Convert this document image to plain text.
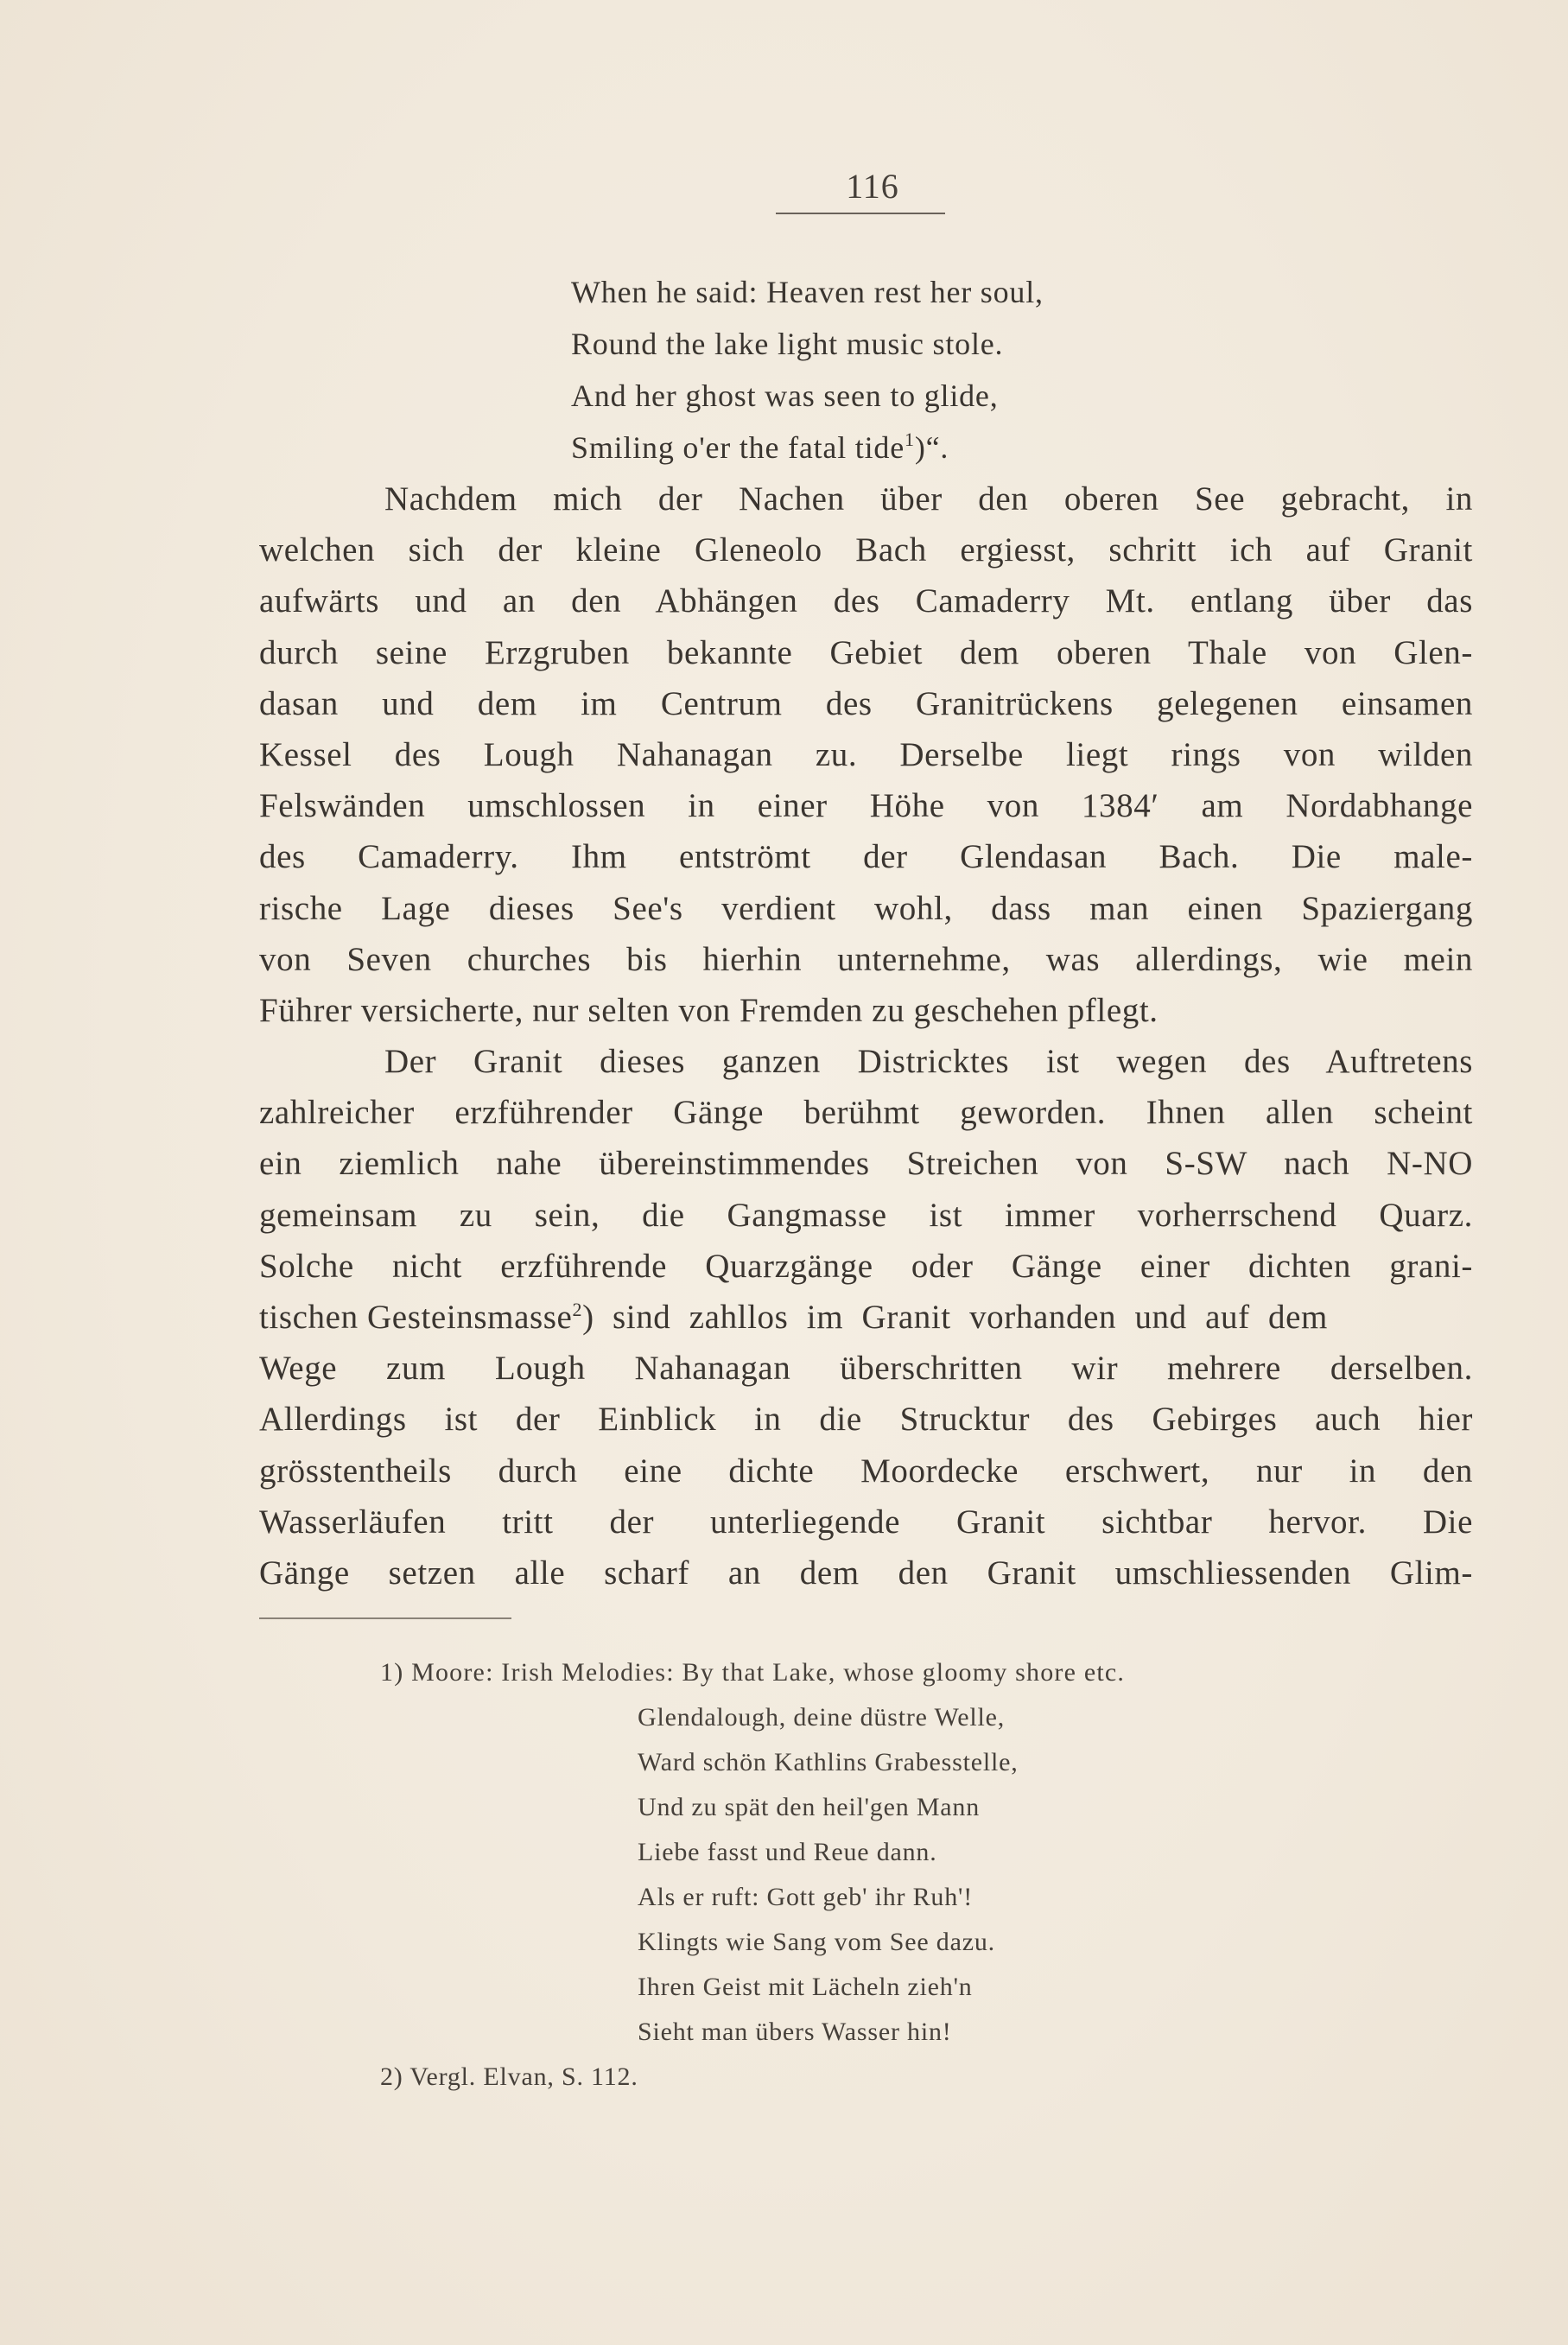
116
When he said: Heaven rest her soul,
Round the lake light music stole.
And her ghost was seen to glide,
Smiling o'er the fatal tide$^1$)“.
Nachdem mich der Nachen über den oberen See gebracht, in
welchen sich der kleine Gleneolo Bach ergiesst, schritt ich auf Granit
aufwärts und an den Abhängen des Camaderry Mt. entlang über das
durch seine Erzgruben bekannte Gebiet dem oberen Thale von Glen-
dasan und dem im Centrum des Granitrückens gelegenen einsamen
Kessel des Lough Nahanagan zu. Derselbe liegt rings von wilden
Felswänden umschlossen in einer Höhe von 1384′ am Nordabhange
des Camaderry. Ihm entströmt der Glendasan Bach. Die male-
rische Lage dieses See's verdient wohl, dass man einen Spaziergang
von Seven churches bis hierhin unternehme, was allerdings, wie mein
Führer versicherte, nur selten von Fremden zu geschehen pflegt.
Der Granit dieses ganzen Districktes ist wegen des Auftretens
zahlreicher erzführender Gänge berühmt geworden. Ihnen allen scheint
ein ziemlich nahe übereinstimmendes Streichen von S-SW nach N-NO
gemeinsam zu sein, die Gangmasse ist immer vorherrschend Quarz.
Solche nicht erzführende Quarzgänge oder Gänge einer dichten grani-
tischen Gesteinsmasse$^2$) sind zahllos im Granit vorhanden und auf dem
Wege zum Lough Nahanagan überschritten wir mehrere derselben.
Allerdings ist der Einblick in die Strucktur des Gebirges auch hier
grösstentheils durch eine dichte Moordecke erschwert, nur in den
Wasserläufen tritt der unterliegende Granit sichtbar hervor. Die
Gänge setzen alle scharf an dem den Granit umschliessenden Glim-
1) Moore: Irish Melodies: By that Lake, whose gloomy shore etc.
Glendalough, deine düstre Welle,
Ward schön Kathlins Grabesstelle,
Und zu spät den heil'gen Mann
Liebe fasst und Reue dann.
Als er ruft: Gott geb' ihr Ruh'!
Klingts wie Sang vom See dazu.
Ihren Geist mit Lächeln zieh'n
Sieht man übers Wasser hin!
2) Vergl. Elvan, S. 112.
